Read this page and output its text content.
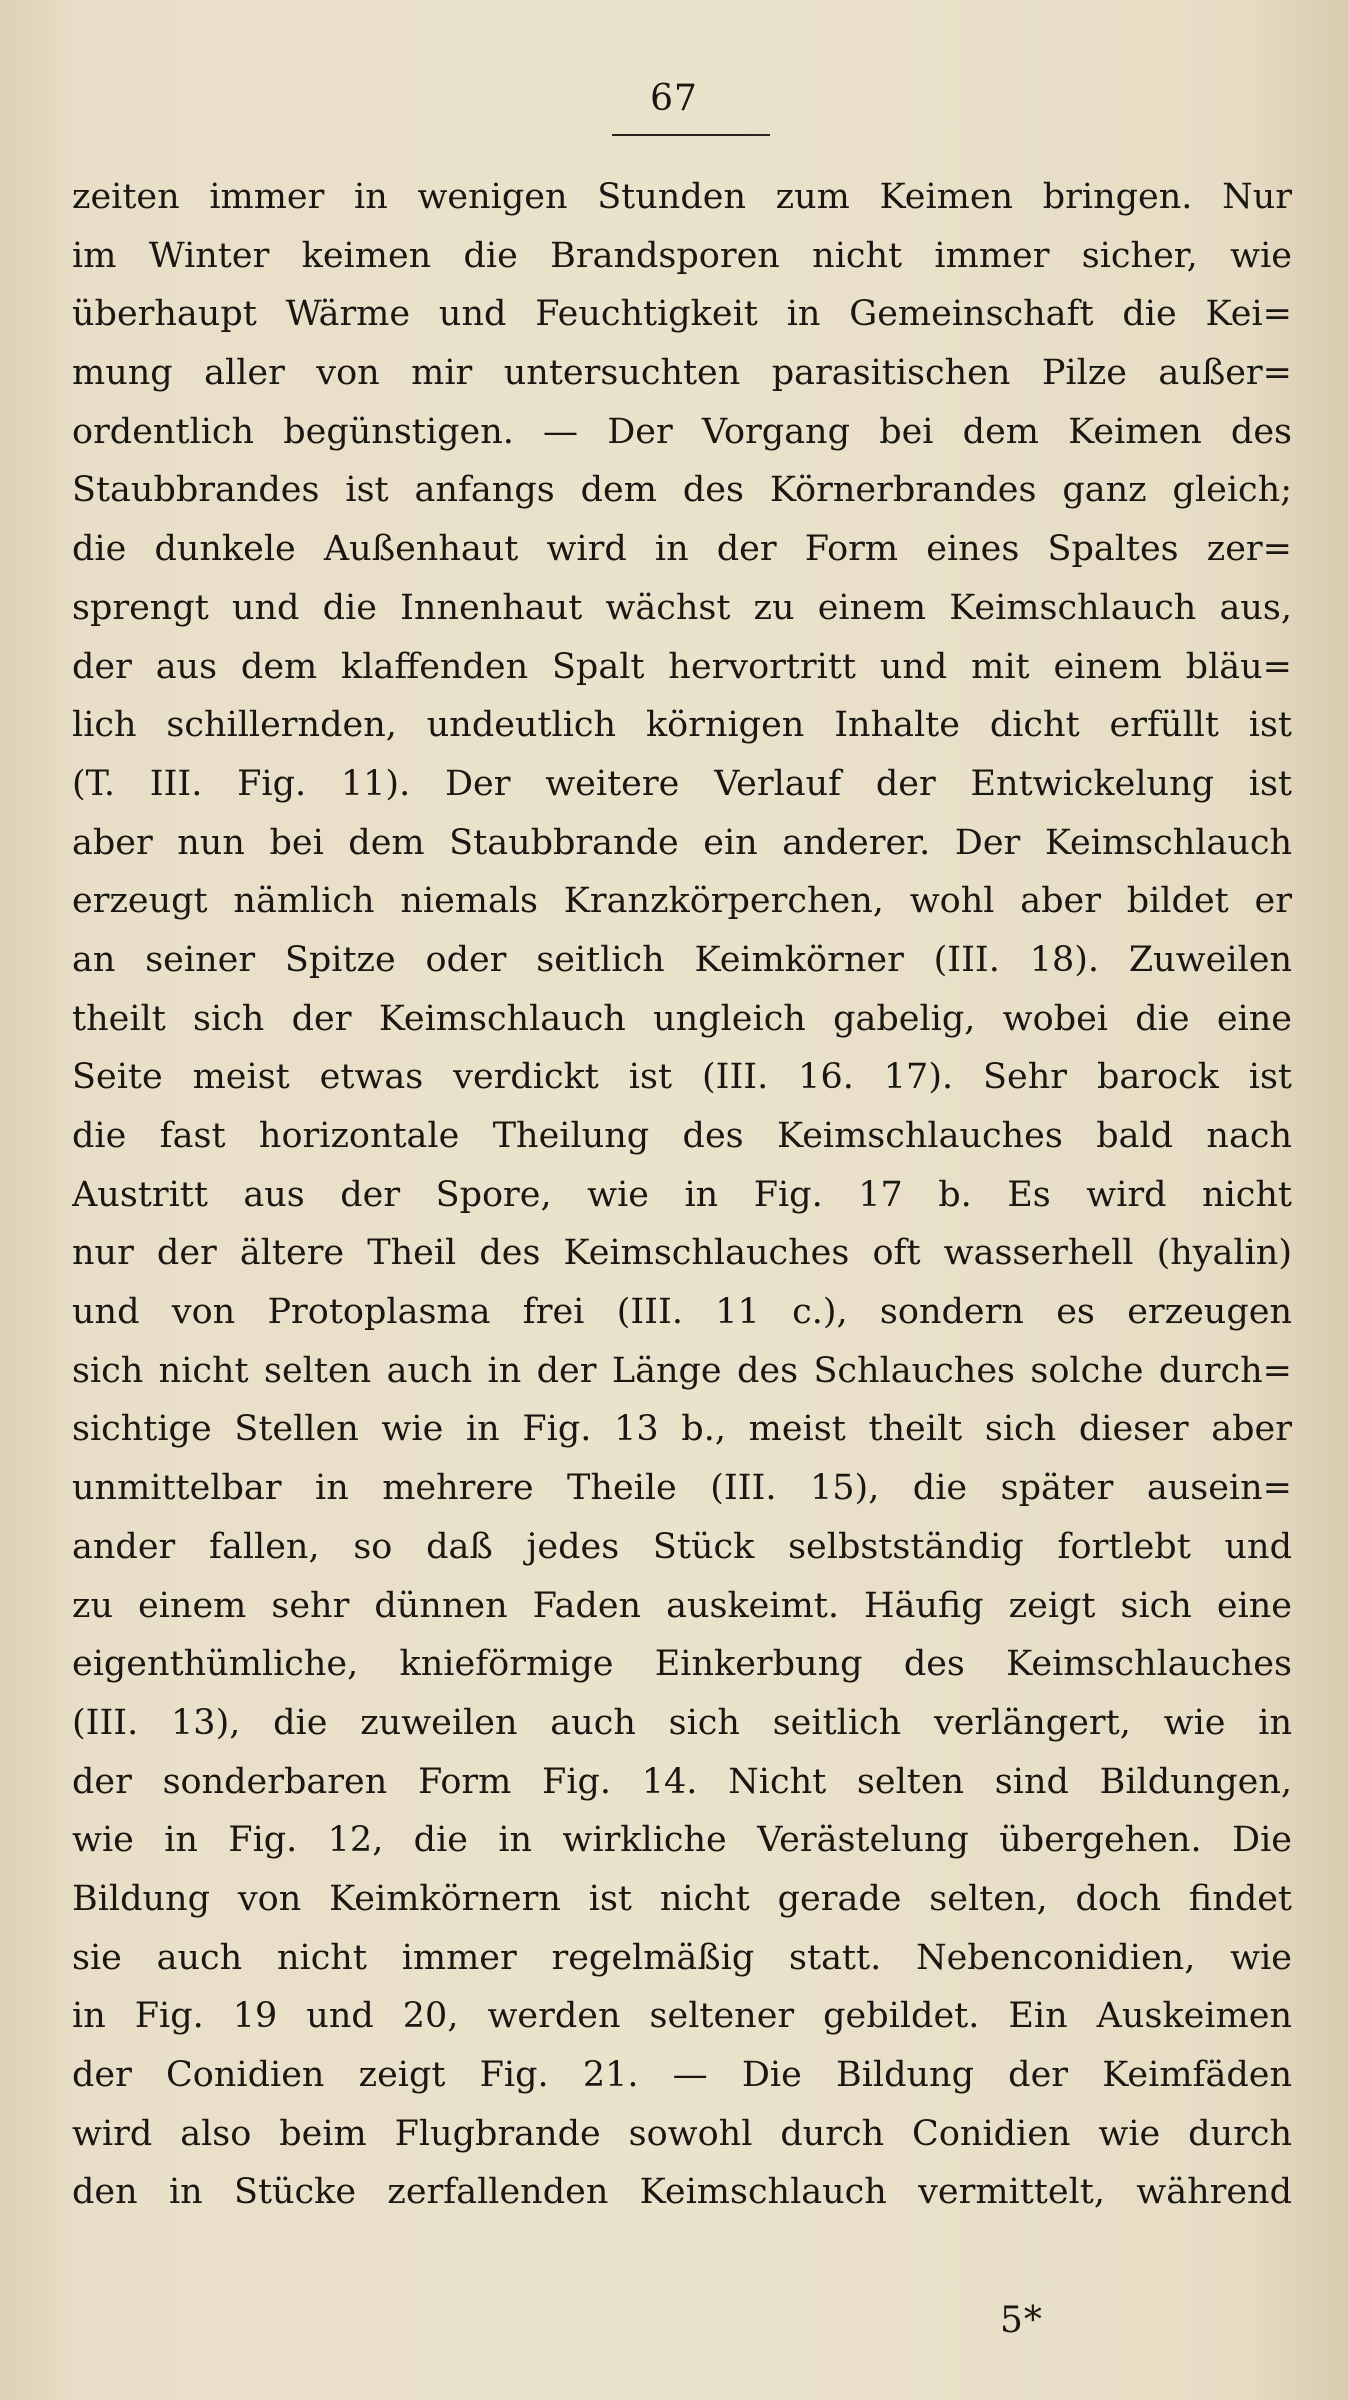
67
zeiten immer in wenigen Stunden zum Keimen bringen. Nur
im Winter keimen die Brandsporen nicht immer sicher, wie
überhaupt Wärme und Feuchtigkeit in Gemeinschaft die Kei=
mung aller von mir untersuchten parasitischen Pilze außer=
ordentlich begünstigen. — Der Vorgang bei dem Keimen des
Staubbrandes ist anfangs dem des Körnerbrandes ganz gleich;
die dunkele Außenhaut wird in der Form eines Spaltes zer=
sprengt und die Innenhaut wächst zu einem Keimschlauch aus,
der aus dem klaffenden Spalt hervortritt und mit einem bläu=
lich schillernden, undeutlich körnigen Inhalte dicht erfüllt ist
(T. III. Fig. 11). Der weitere Verlauf der Entwickelung ist
aber nun bei dem Staubbrande ein anderer. Der Keimschlauch
erzeugt nämlich niemals Kranzkörperchen, wohl aber bildet er
an seiner Spitze oder seitlich Keimkörner (III. 18). Zuweilen
theilt sich der Keimschlauch ungleich gabelig, wobei die eine
Seite meist etwas verdickt ist (III. 16. 17). Sehr barock ist
die fast horizontale Theilung des Keimschlauches bald nach
Austritt aus der Spore, wie in Fig. 17 b. Es wird nicht
nur der ältere Theil des Keimschlauches oft wasserhell (hyalin)
und von Protoplasma frei (III. 11 c.), sondern es erzeugen
sich nicht selten auch in der Länge des Schlauches solche durch=
sichtige Stellen wie in Fig. 13 b., meist theilt sich dieser aber
unmittelbar in mehrere Theile (III. 15), die später ausein=
ander fallen, so daß jedes Stück selbstständig fortlebt und
zu einem sehr dünnen Faden auskeimt. Häufig zeigt sich eine
eigenthümliche, knieförmige Einkerbung des Keimschlauches
(III. 13), die zuweilen auch sich seitlich verlängert, wie in
der sonderbaren Form Fig. 14. Nicht selten sind Bildungen,
wie in Fig. 12, die in wirkliche Verästelung übergehen. Die
Bildung von Keimkörnern ist nicht gerade selten, doch findet
sie auch nicht immer regelmäßig statt. Nebenconidien, wie
in Fig. 19 und 20, werden seltener gebildet. Ein Auskeimen
der Conidien zeigt Fig. 21. — Die Bildung der Keimfäden
wird also beim Flugbrande sowohl durch Conidien wie durch
den in Stücke zerfallenden Keimschlauch vermittelt, während
5*
